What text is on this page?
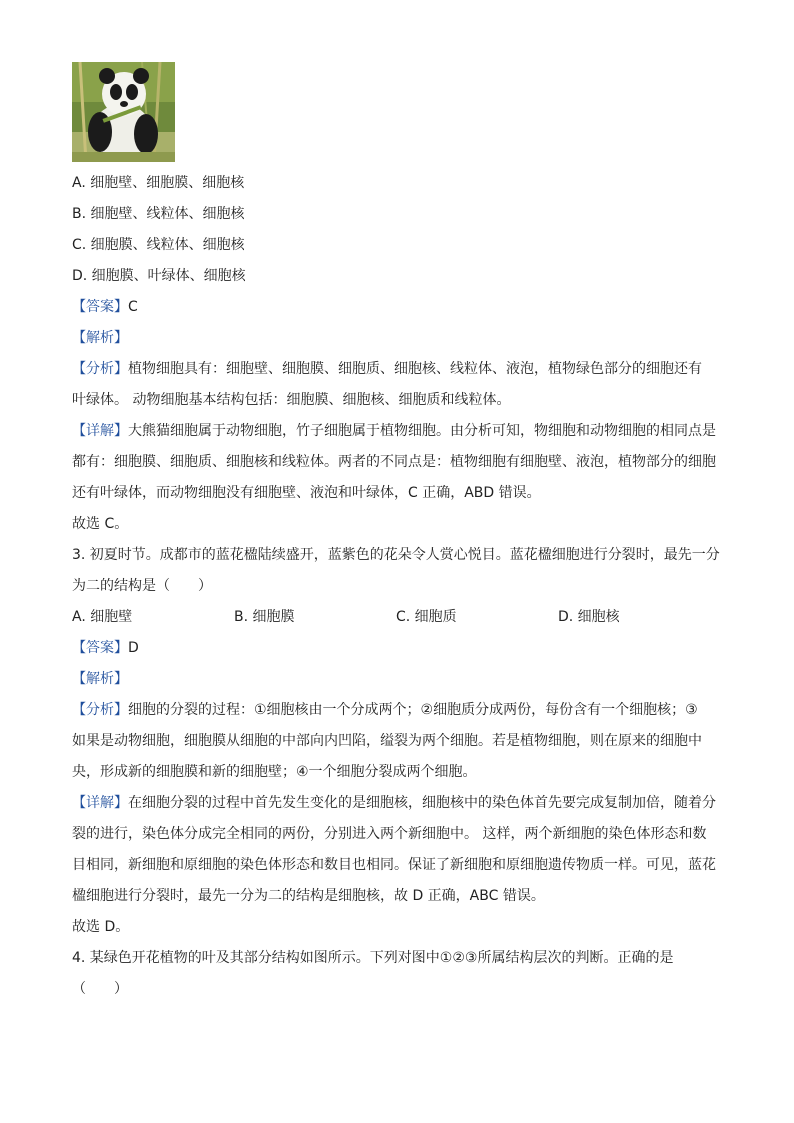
A. 细胞壁、细胞膜、细胞核
B. 细胞壁、线粒体、细胞核
C. 细胞膜、线粒体、细胞核
D. 细胞膜、叶绿体、细胞核
【答案】C
【解析】
【分析】植物细胞具有：细胞壁、细胞膜、细胞质、细胞核、线粒体、液泡，植物绿色部分的细胞还有
叶绿体。 动物细胞基本结构包括：细胞膜、细胞核、细胞质和线粒体。
【详解】大熊猫细胞属于动物细胞，竹子细胞属于植物细胞。由分析可知，物细胞和动物细胞的相同点是
都有：细胞膜、细胞质、细胞核和线粒体。两者的不同点是：植物细胞有细胞壁、液泡，植物部分的细胞
还有叶绿体，而动物细胞没有细胞壁、液泡和叶绿体，C 正确，ABD 错误。
故选 C。
3. 初夏时节。成都市的蓝花楹陆续盛开，蓝紫色的花朵令人赏心悦目。蓝花楹细胞进行分裂时，最先一分
为二的结构是（　　）
A. 细胞壁	B. 细胞膜	C. 细胞质	D. 细胞核
【答案】D
【解析】
【分析】细胞的分裂的过程：①细胞核由一个分成两个；②细胞质分成两份，每份含有一个细胞核；③
如果是动物细胞，细胞膜从细胞的中部向内凹陷，缢裂为两个细胞。若是植物细胞，则在原来的细胞中
央，形成新的细胞膜和新的细胞壁；④一个细胞分裂成两个细胞。
【详解】在细胞分裂的过程中首先发生变化的是细胞核，细胞核中的染色体首先要完成复制加倍，随着分
裂的进行，染色体分成完全相同的两份，分别进入两个新细胞中。 这样，两个新细胞的染色体形态和数
目相同，新细胞和原细胞的染色体形态和数目也相同。保证了新细胞和原细胞遗传物质一样。可见，蓝花
楹细胞进行分裂时，最先一分为二的结构是细胞核，故 D 正确，ABC 错误。
故选 D。
4. 某绿色开花植物的叶及其部分结构如图所示。下列对图中①②③所属结构层次的判断。正确的是
（　　）
